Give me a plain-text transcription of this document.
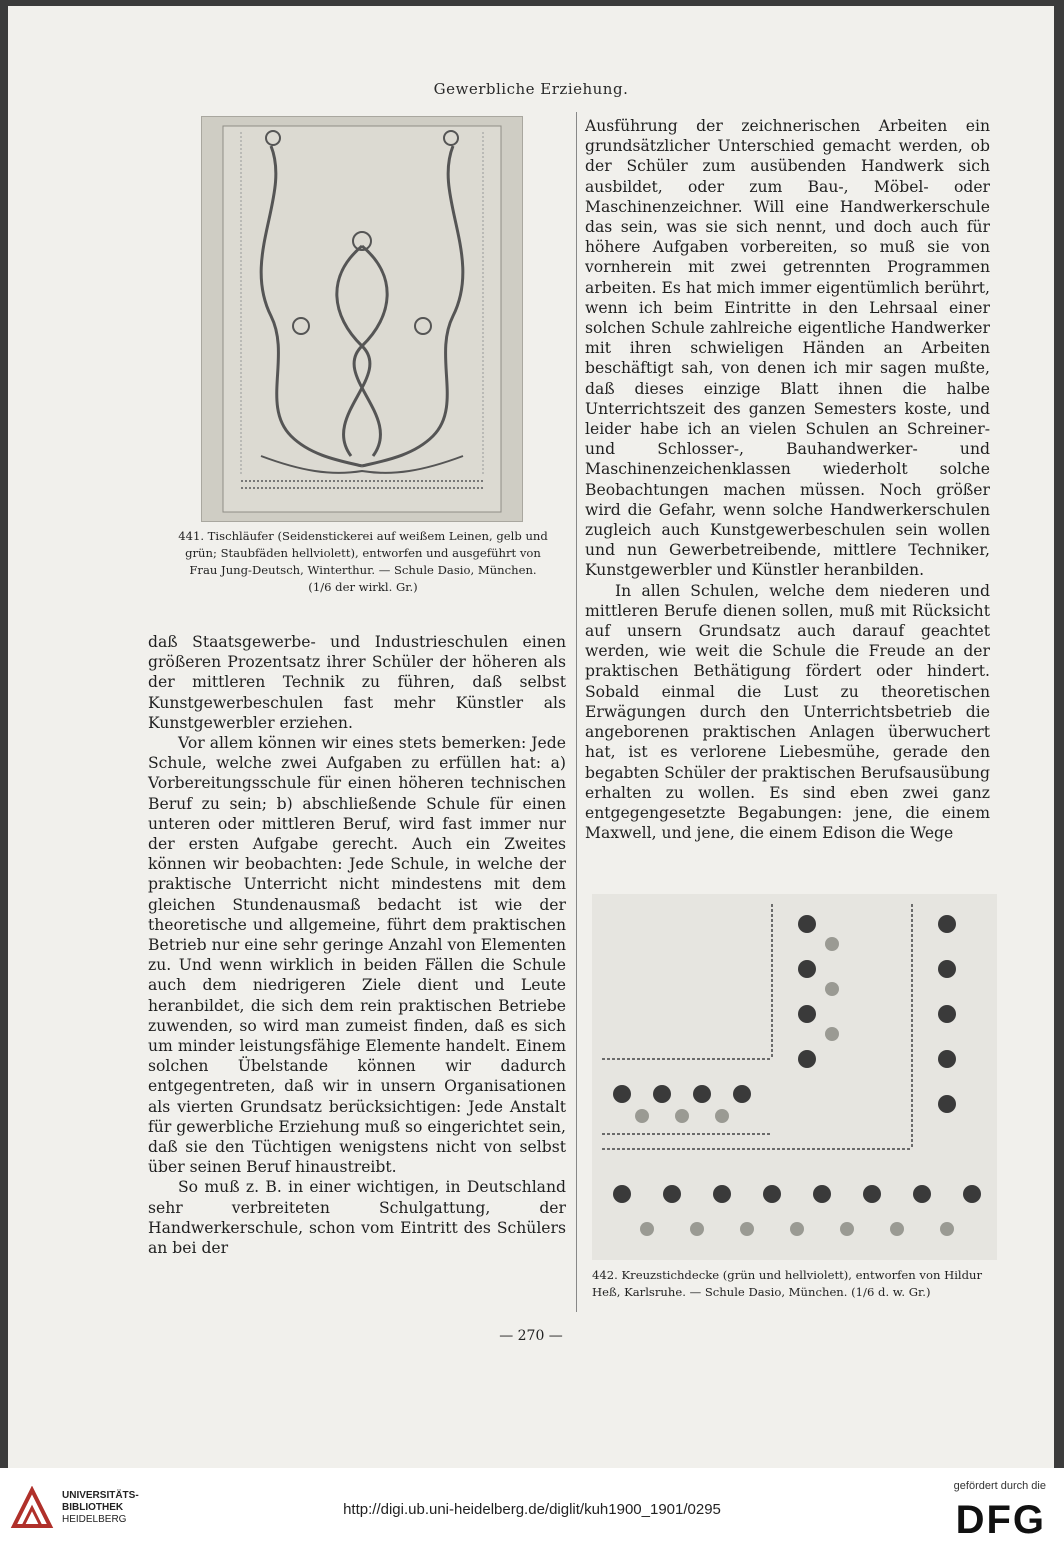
Gewerbliche Erziehung.
441. Tischläufer (Seidenstickerei auf weißem Leinen, gelb und
grün; Staubfäden hellviolett), entworfen und ausgeführt von
Frau Jung-Deutsch, Winterthur. — Schule Dasio, München.
(1/6 der wirkl. Gr.)

daß Staatsgewerbe- und Industrieschulen einen größeren Prozentsatz ihrer Schüler der höheren als der mittleren Technik zu führen, daß selbst Kunstgewerbeschulen fast mehr Künstler als Kunstgewerbler erziehen.

Vor allem können wir eines stets bemerken: Jede Schule, welche zwei Aufgaben zu erfüllen hat: a) Vorbereitungsschule für einen höheren technischen Beruf zu sein; b) abschließende Schule für einen unteren oder mittleren Beruf, wird fast immer nur der ersten Aufgabe gerecht. Auch ein Zweites können wir beobachten: Jede Schule, in welche der praktische Unterricht nicht mindestens mit dem gleichen Stundenausmaß bedacht ist wie der theoretische und allgemeine, führt dem praktischen Betrieb nur eine sehr geringe Anzahl von Elementen zu. Und wenn wirklich in beiden Fällen die Schule auch dem niedrigeren Ziele dient und Leute heranbildet, die sich dem rein praktischen Betriebe zuwenden, so wird man zumeist finden, daß es sich um minder leistungsfähige Elemente handelt. Einem solchen Übelstande können wir dadurch entgegentreten, daß wir in unsern Organisationen als vierten Grundsatz berücksichtigen: Jede Anstalt für gewerbliche Erziehung muß so eingerichtet sein, daß sie den Tüchtigen wenigstens nicht von selbst über seinen Beruf hinaustreibt.

So muß z. B. in einer wichtigen, in Deutschland sehr verbreiteten Schulgattung, der Handwerkerschule, schon vom Eintritt des Schülers an bei der

Ausführung der zeichnerischen Arbeiten ein grundsätzlicher Unterschied gemacht werden, ob der Schüler zum ausübenden Handwerk sich ausbildet, oder zum Bau-, Möbel- oder Maschinenzeichner. Will eine Handwerkerschule das sein, was sie sich nennt, und doch auch für höhere Aufgaben vorbereiten, so muß sie von vornherein mit zwei getrennten Programmen arbeiten. Es hat mich immer eigentümlich berührt, wenn ich beim Eintritte in den Lehrsaal einer solchen Schule zahlreiche eigentliche Handwerker mit ihren schwieligen Händen an Arbeiten beschäftigt sah, von denen ich mir sagen mußte, daß dieses einzige Blatt ihnen die halbe Unterrichtszeit des ganzen Semesters koste, und leider habe ich an vielen Schulen an Schreiner- und Schlosser-, Bauhandwerker- und Maschinenzeichenklassen wiederholt solche Beobachtungen machen müssen. Noch größer wird die Gefahr, wenn solche Handwerkerschulen zugleich auch Kunstgewerbeschulen sein wollen und nun Gewerbetreibende, mittlere Techniker, Kunstgewerbler und Künstler heranbilden.

In allen Schulen, welche dem niederen und mittleren Berufe dienen sollen, muß mit Rücksicht auf unsern Grundsatz auch darauf geachtet werden, wie weit die Schule die Freude an der praktischen Bethätigung fördert oder hindert. Sobald einmal die Lust zu theoretischen Erwägungen durch den Unterrichtsbetrieb die angeborenen praktischen Anlagen überwuchert hat, ist es verlorene Liebesmühe, gerade den begabten Schüler der praktischen Berufsausübung erhalten zu wollen. Es sind eben zwei ganz entgegengesetzte Begabungen: jene, die einem Maxwell, und jene, die einem Edison die Wege

442. Kreuzstichdecke (grün und hellviolett), entworfen von Hildur
Heß, Karlsruhe. — Schule Dasio, München. (1/6 d. w. Gr.)
— 270 —
UNIVERSITÄTS-
BIBLIOTHEK
HEIDELBERG
http://digi.ub.uni-heidelberg.de/diglit/kuh1900_1901/0295
gefördert durch die
DFG
